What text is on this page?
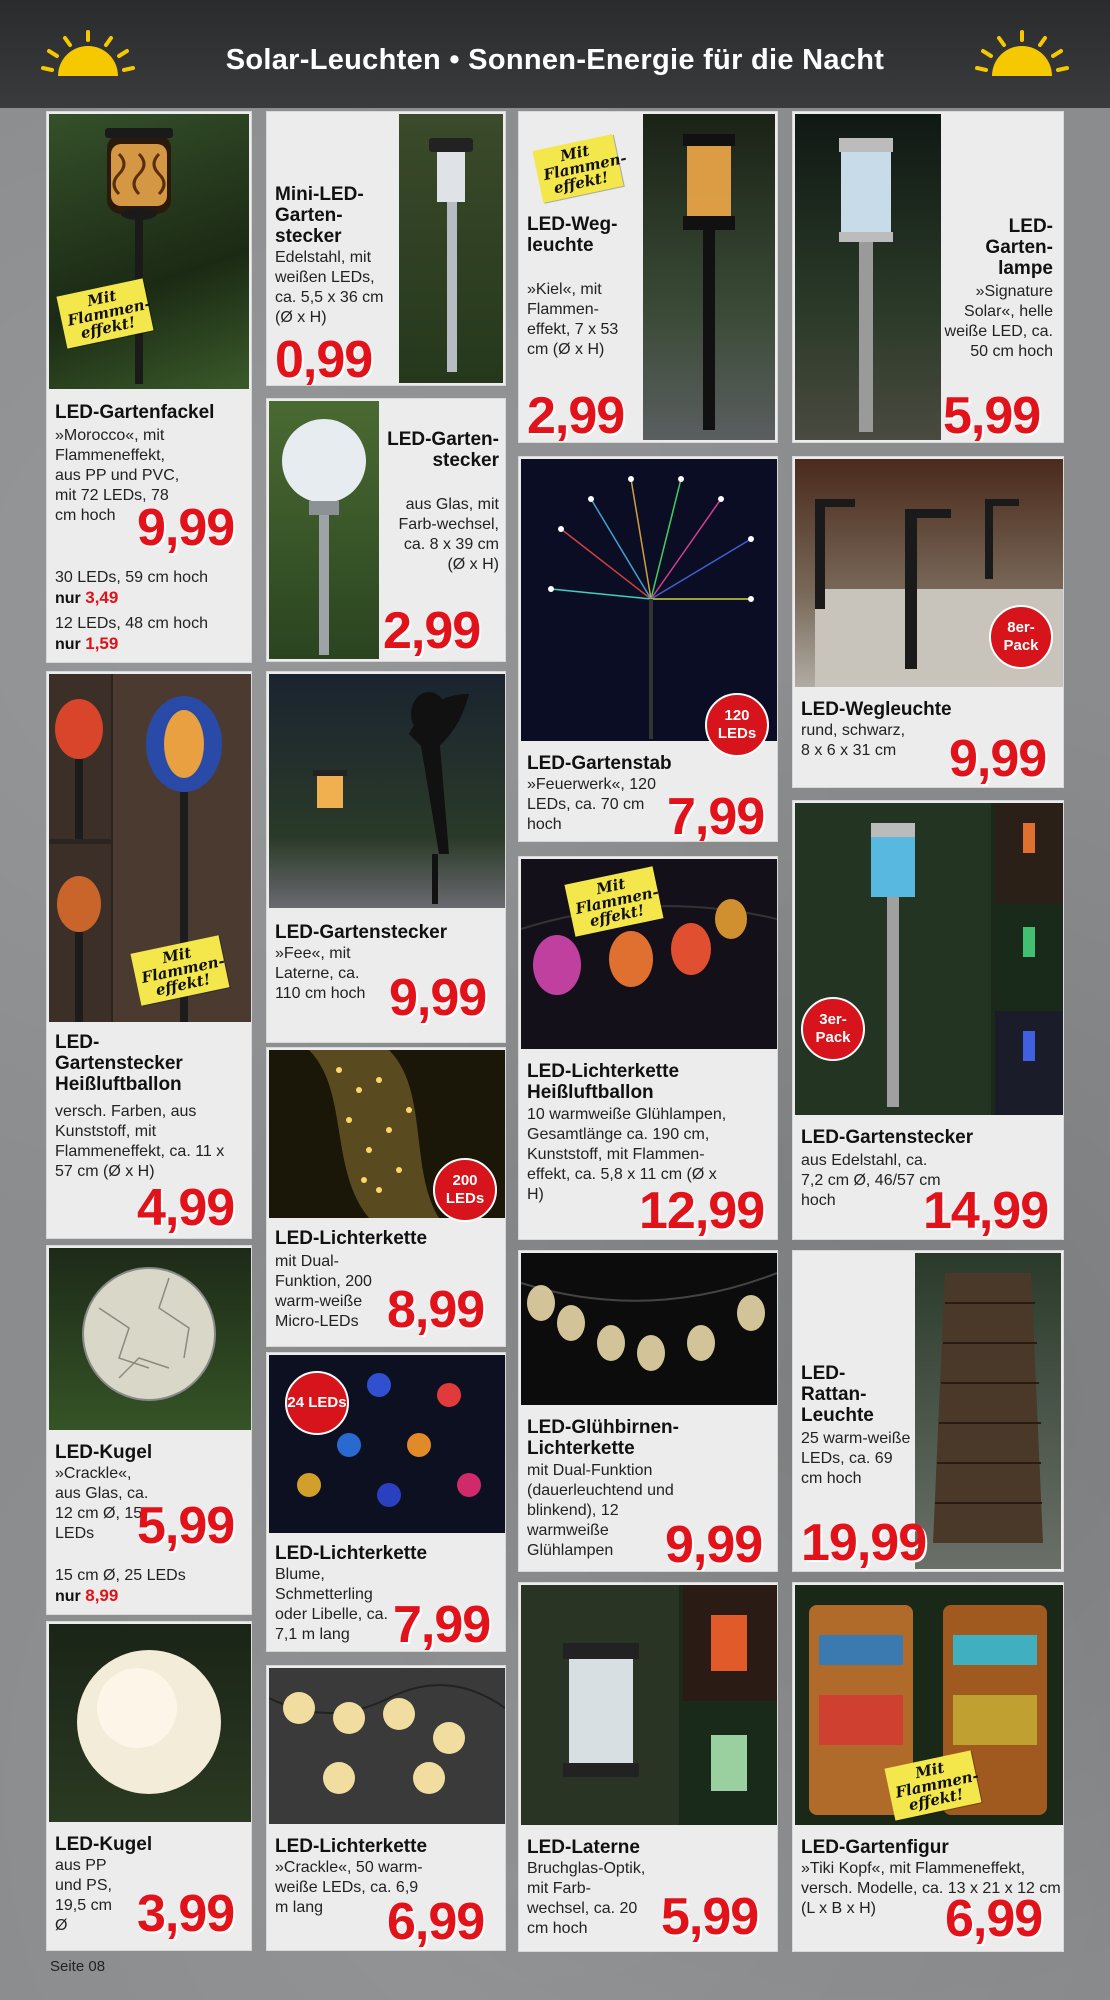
Solar-Leuchten • Sonnen-Energie für die Nacht
Mit Flammen-effekt!
LED-Gartenfackel
»Morocco«, mit Flammeneffekt, aus PP und PVC, mit 72 LEDs, 78 cm hoch 9,99
30 LEDs, 59 cm hoch
nur 3,49
12 LEDs, 48 cm hoch
nur 1,59
Mit Flammen-effekt!
LED-Gartenstecker Heißluftballon
versch. Farben, aus Kunststoff, mit Flammeneffekt, ca. 11 x 57 cm (Ø x H)
4,99
LED-Kugel
»Crackle«, aus Glas, ca. 12 cm Ø, 15 LEDs 5,99
15 cm Ø, 25 LEDs
nur 8,99
LED-Kugel
aus PP und PS, 19,5 cm Ø	3,99
Mini-LED-Garten-stecker
Edelstahl, mit weißen LEDs, ca. 5,5 x 36 cm (Ø x H)
0,99
LED-Garten-stecker
aus Glas, mit Farb-wechsel, ca. 8 x 39 cm (Ø x H)
2,99
LED-Gartenstecker
»Fee«, mit Laterne, ca. 110 cm hoch 9,99
200 LEDs
LED-Lichterkette
mit Dual-Funktion, 200 warm-weiße Micro-LEDs 8,99
24 LEDs
LED-Lichterkette
Blume, Schmetterling oder Libelle, ca. 7,1 m lang 7,99
LED-Lichterkette
»Crackle«, 50 warm-weiße LEDs, ca. 6,9 m lang	6,99
Mit Flammen-effekt!
LED-Weg-leuchte
»Kiel«, mit Flammen-effekt, 7 x 53 cm (Ø x H)
2,99
120 LEDs
LED-Gartenstab
»Feuerwerk«, 120 LEDs, ca. 70 cm hoch	7,99
Mit Flammen-effekt!
LED-Lichterkette Heißluftballon
10 warmweiße Glühlampen, Gesamtlänge ca. 190 cm, Kunststoff, mit Flammen-effekt, ca. 5,8 x 11 cm (Ø x H)	12,99
LED-Glühbirnen-Lichterkette
mit Dual-Funktion (dauerleuchtend und blinkend), 12 warmweiße Glühlampen 9,99
LED-Laterne
Bruchglas-Optik, mit Farb-wechsel, ca. 20 cm hoch	5,99
LED-Garten-lampe
»Signature Solar«, helle weiße LED, ca. 50 cm hoch
5,99
8er-Pack
LED-Wegleuchte
rund, schwarz, 8 x 6 x 31 cm 9,99
3er-Pack
LED-Gartenstecker
aus Edelstahl, ca. 7,2 cm Ø, 46/57 cm hoch	14,99
LED-Rattan-Leuchte
25 warm-weiße LEDs, ca. 69 cm hoch
19,99
Mit Flammen-effekt!
LED-Gartenfigur
»Tiki Kopf«, mit Flammeneffekt, versch. Modelle, ca. 13 x 21 x 12 cm (L x B x H)	6,99
Seite 08
